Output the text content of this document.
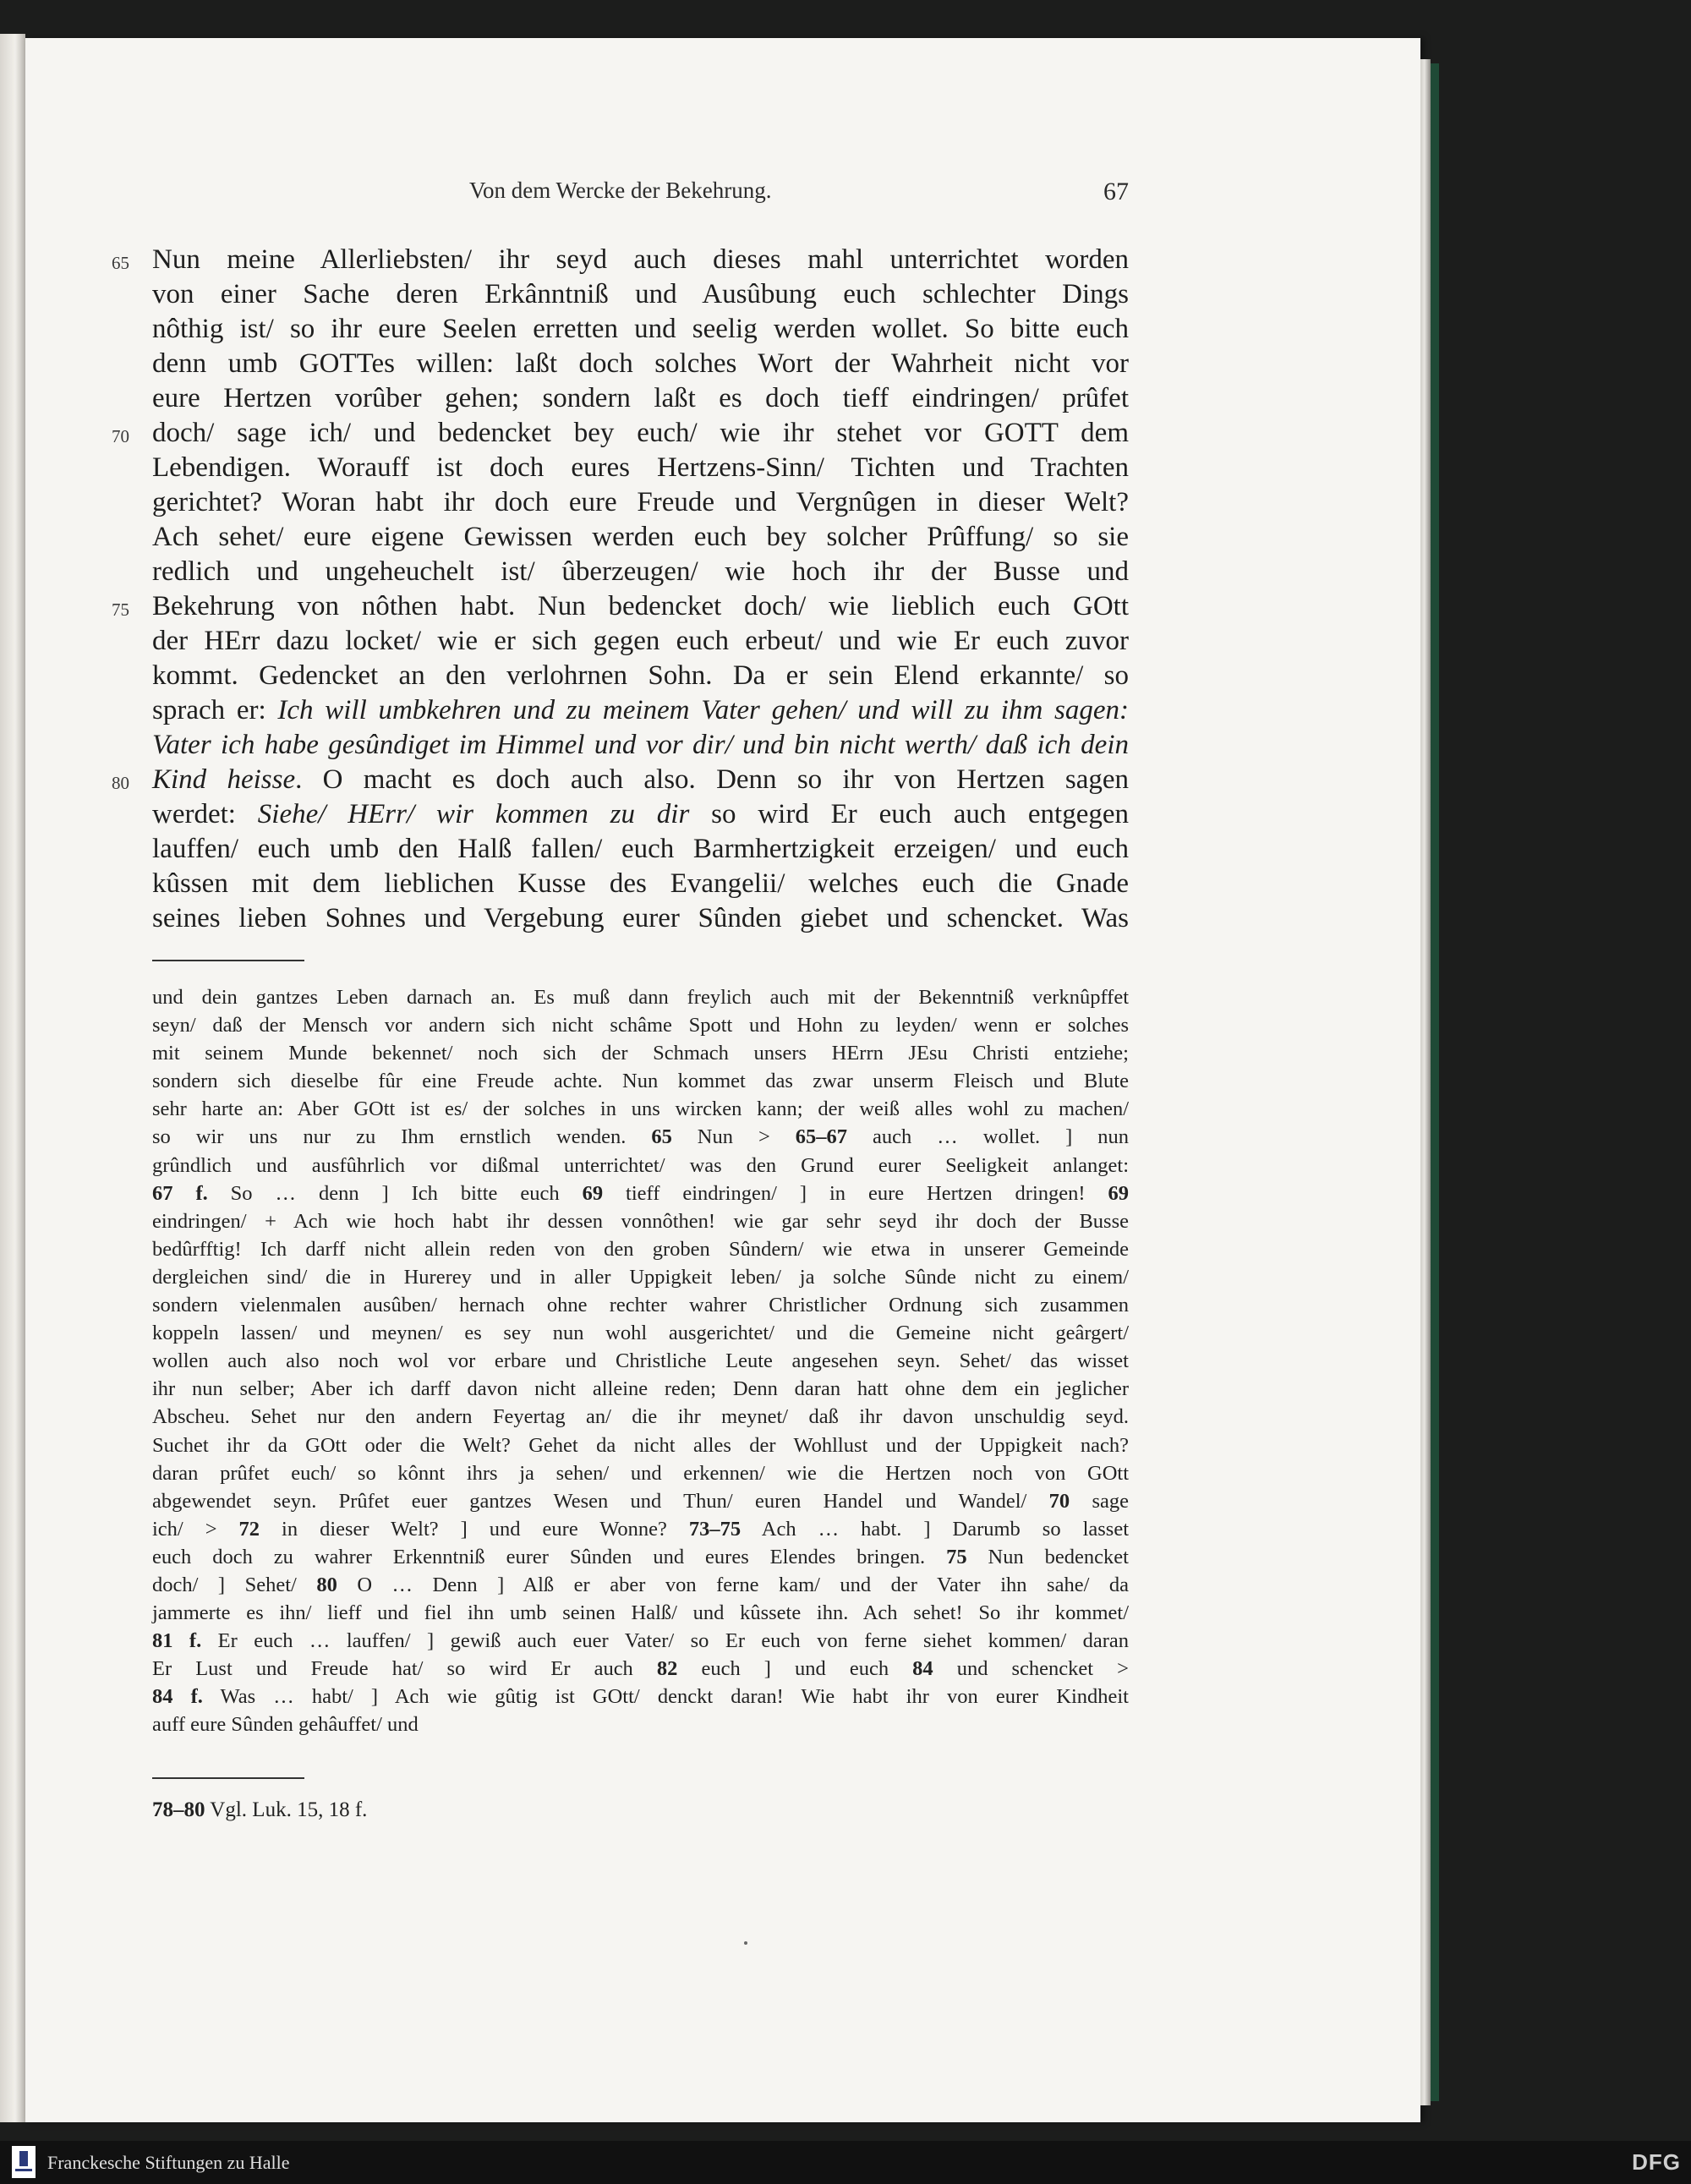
Von dem Wercke der Bekehrung.	67
65 Nun meine Allerliebsten/ ihr seyd auch dieses mahl unterrichtet worden
von einer Sache deren Erkânntniß und Ausûbung euch schlechter Dings
nôthig ist/ so ihr eure Seelen erretten und seelig werden wollet. So bitte euch
denn umb GOTTes willen: laßt doch solches Wort der Wahrheit nicht vor
eure Hertzen vorûber gehen; sondern laßt es doch tieff eindringen/ prûfet
70 doch/ sage ich/ und bedencket bey euch/ wie ihr stehet vor GOTT dem
Lebendigen. Worauff ist doch eures Hertzens-Sinn/ Tichten und Trachten
gerichtet? Woran habt ihr doch eure Freude und Vergnûgen in dieser Welt?
Ach sehet/ eure eigene Gewissen werden euch bey solcher Prûffung/ so sie
redlich und ungeheuchelt ist/ ûberzeugen/ wie hoch ihr der Busse und
75 Bekehrung von nôthen habt. Nun bedencket doch/ wie lieblich euch GOtt
der HErr dazu locket/ wie er sich gegen euch erbeut/ und wie Er euch zuvor
kommt. Gedencket an den verlohrnen Sohn. Da er sein Elend erkannte/ so
sprach er: Ich will umbkehren und zu meinem Vater gehen/ und will zu ihm sagen:
Vater ich habe gesûndiget im Himmel und vor dir/ und bin nicht werth/ daß ich dein
80 Kind heisse. O macht es doch auch also. Denn so ihr von Hertzen sagen
werdet: Siehe/ HErr/ wir kommen zu dir so wird Er euch auch entgegen
lauffen/ euch umb den Halß fallen/ euch Barmhertzigkeit erzeigen/ und euch
kûssen mit dem lieblichen Kusse des Evangelii/ welches euch die Gnade
seines lieben Sohnes und Vergebung eurer Sûnden giebet und schencket. Was
und dein gantzes Leben darnach an. Es muß dann freylich auch mit der Bekenntniß verknûpffet
seyn/ daß der Mensch vor andern sich nicht schâme Spott und Hohn zu leyden/ wenn er solches
mit seinem Munde bekennet/ noch sich der Schmach unsers HErrn JEsu Christi entziehe;
sondern sich dieselbe fûr eine Freude achte. Nun kommet das zwar unserm Fleisch und Blute
sehr harte an: Aber GOtt ist es/ der solches in uns wircken kann; der weiß alles wohl zu machen/
so wir uns nur zu Ihm ernstlich wenden. 65 Nun > 65–67 auch … wollet. ] nun
grûndlich und ausfûhrlich vor dißmal unterrichtet/ was den Grund eurer Seeligkeit anlanget:
67 f. So … denn ] Ich bitte euch 69 tieff eindringen/ ] in eure Hertzen dringen! 69
eindringen/ + Ach wie hoch habt ihr dessen vonnôthen! wie gar sehr seyd ihr doch der Busse
bedûrfftig! Ich darff nicht allein reden von den groben Sûndern/ wie etwa in unserer Gemeinde
dergleichen sind/ die in Hurerey und in aller Uppigkeit leben/ ja solche Sûnde nicht zu einem/
sondern vielenmalen ausûben/ hernach ohne rechter wahrer Christlicher Ordnung sich zusammen
koppeln lassen/ und meynen/ es sey nun wohl ausgerichtet/ und die Gemeine nicht geârgert/
wollen auch also noch wol vor erbare und Christliche Leute angesehen seyn. Sehet/ das wisset
ihr nun selber; Aber ich darff davon nicht alleine reden; Denn daran hatt ohne dem ein jeglicher
Abscheu. Sehet nur den andern Feyertag an/ die ihr meynet/ daß ihr davon unschuldig seyd.
Suchet ihr da GOtt oder die Welt? Gehet da nicht alles der Wohllust und der Uppigkeit nach?
daran prûfet euch/ so kônnt ihrs ja sehen/ und erkennen/ wie die Hertzen noch von GOtt
abgewendet seyn. Prûfet euer gantzes Wesen und Thun/ euren Handel und Wandel/ 70 sage
ich/ > 72 in dieser Welt? ] und eure Wonne? 73–75 Ach … habt. ] Darumb so lasset
euch doch zu wahrer Erkenntniß eurer Sûnden und eures Elendes bringen. 75 Nun bedencket
doch/ ] Sehet/ 80 O … Denn ] Alß er aber von ferne kam/ und der Vater ihn sahe/ da
jammerte es ihn/ lieff und fiel ihn umb seinen Halß/ und kûssete ihn. Ach sehet! So ihr kommet/
81 f. Er euch … lauffen/ ] gewiß auch euer Vater/ so Er euch von ferne siehet kommen/ daran
Er Lust und Freude hat/ so wird Er auch 82 euch ] und euch 84 und schencket >
84 f. Was … habt/ ] Ach wie gûtig ist GOtt/ denckt daran! Wie habt ihr von eurer Kindheit
auff eure Sûnden gehâuffet/ und
78–80 Vgl. Luk. 15, 18 f.
Franckesche Stiftungen zu Halle	DFG
